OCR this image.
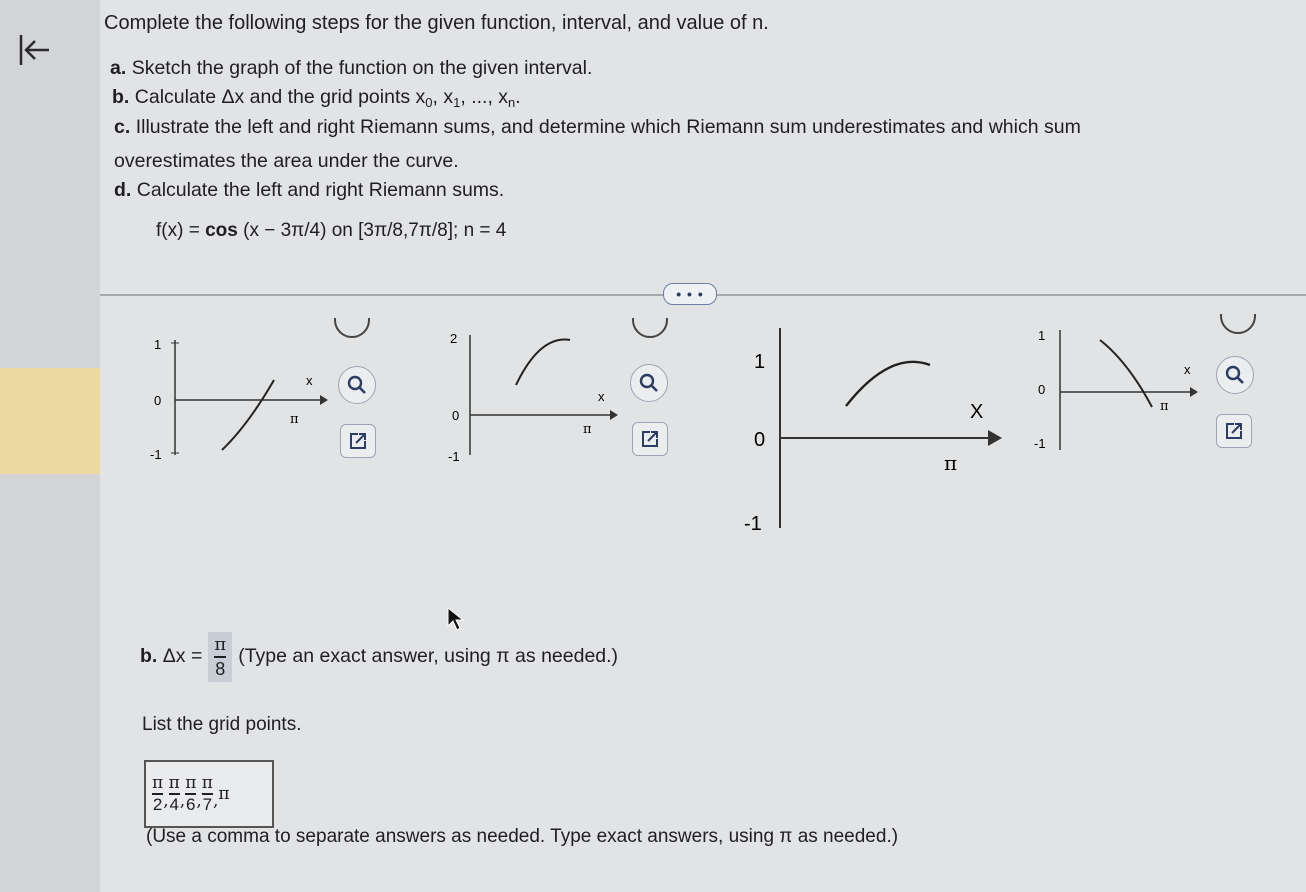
Complete the following steps for the given function, interval, and value of n.
a. Sketch the graph of the function on the given interval.
b. Calculate Δx and the grid points $x_0$, $x_1$, ..., $x_n$.
c. Illustrate the left and right Riemann sums, and determine which Riemann sum underestimates and which sum
overestimates the area under the curve.
d. Calculate the left and right Riemann sums.
f(x) = cos (x − 3π/4) on [3π/8,7π/8]; n = 4
• • •
1
0
-1
x
π
2
0
-1
x
π
1
0
-1
X
π
1
0
-1
x
π
b.
$\Delta x = \frac{\pi}{8}$ (Type an exact answer, using π as needed.)
List the grid points.
$\frac{\pi}{2}$ , $\frac{\pi}{4}$ , $\frac{\pi}{6}$ , $\frac{\pi}{7}$ , π
(Use a comma to separate answers as needed. Type exact answers, using π as needed.)
